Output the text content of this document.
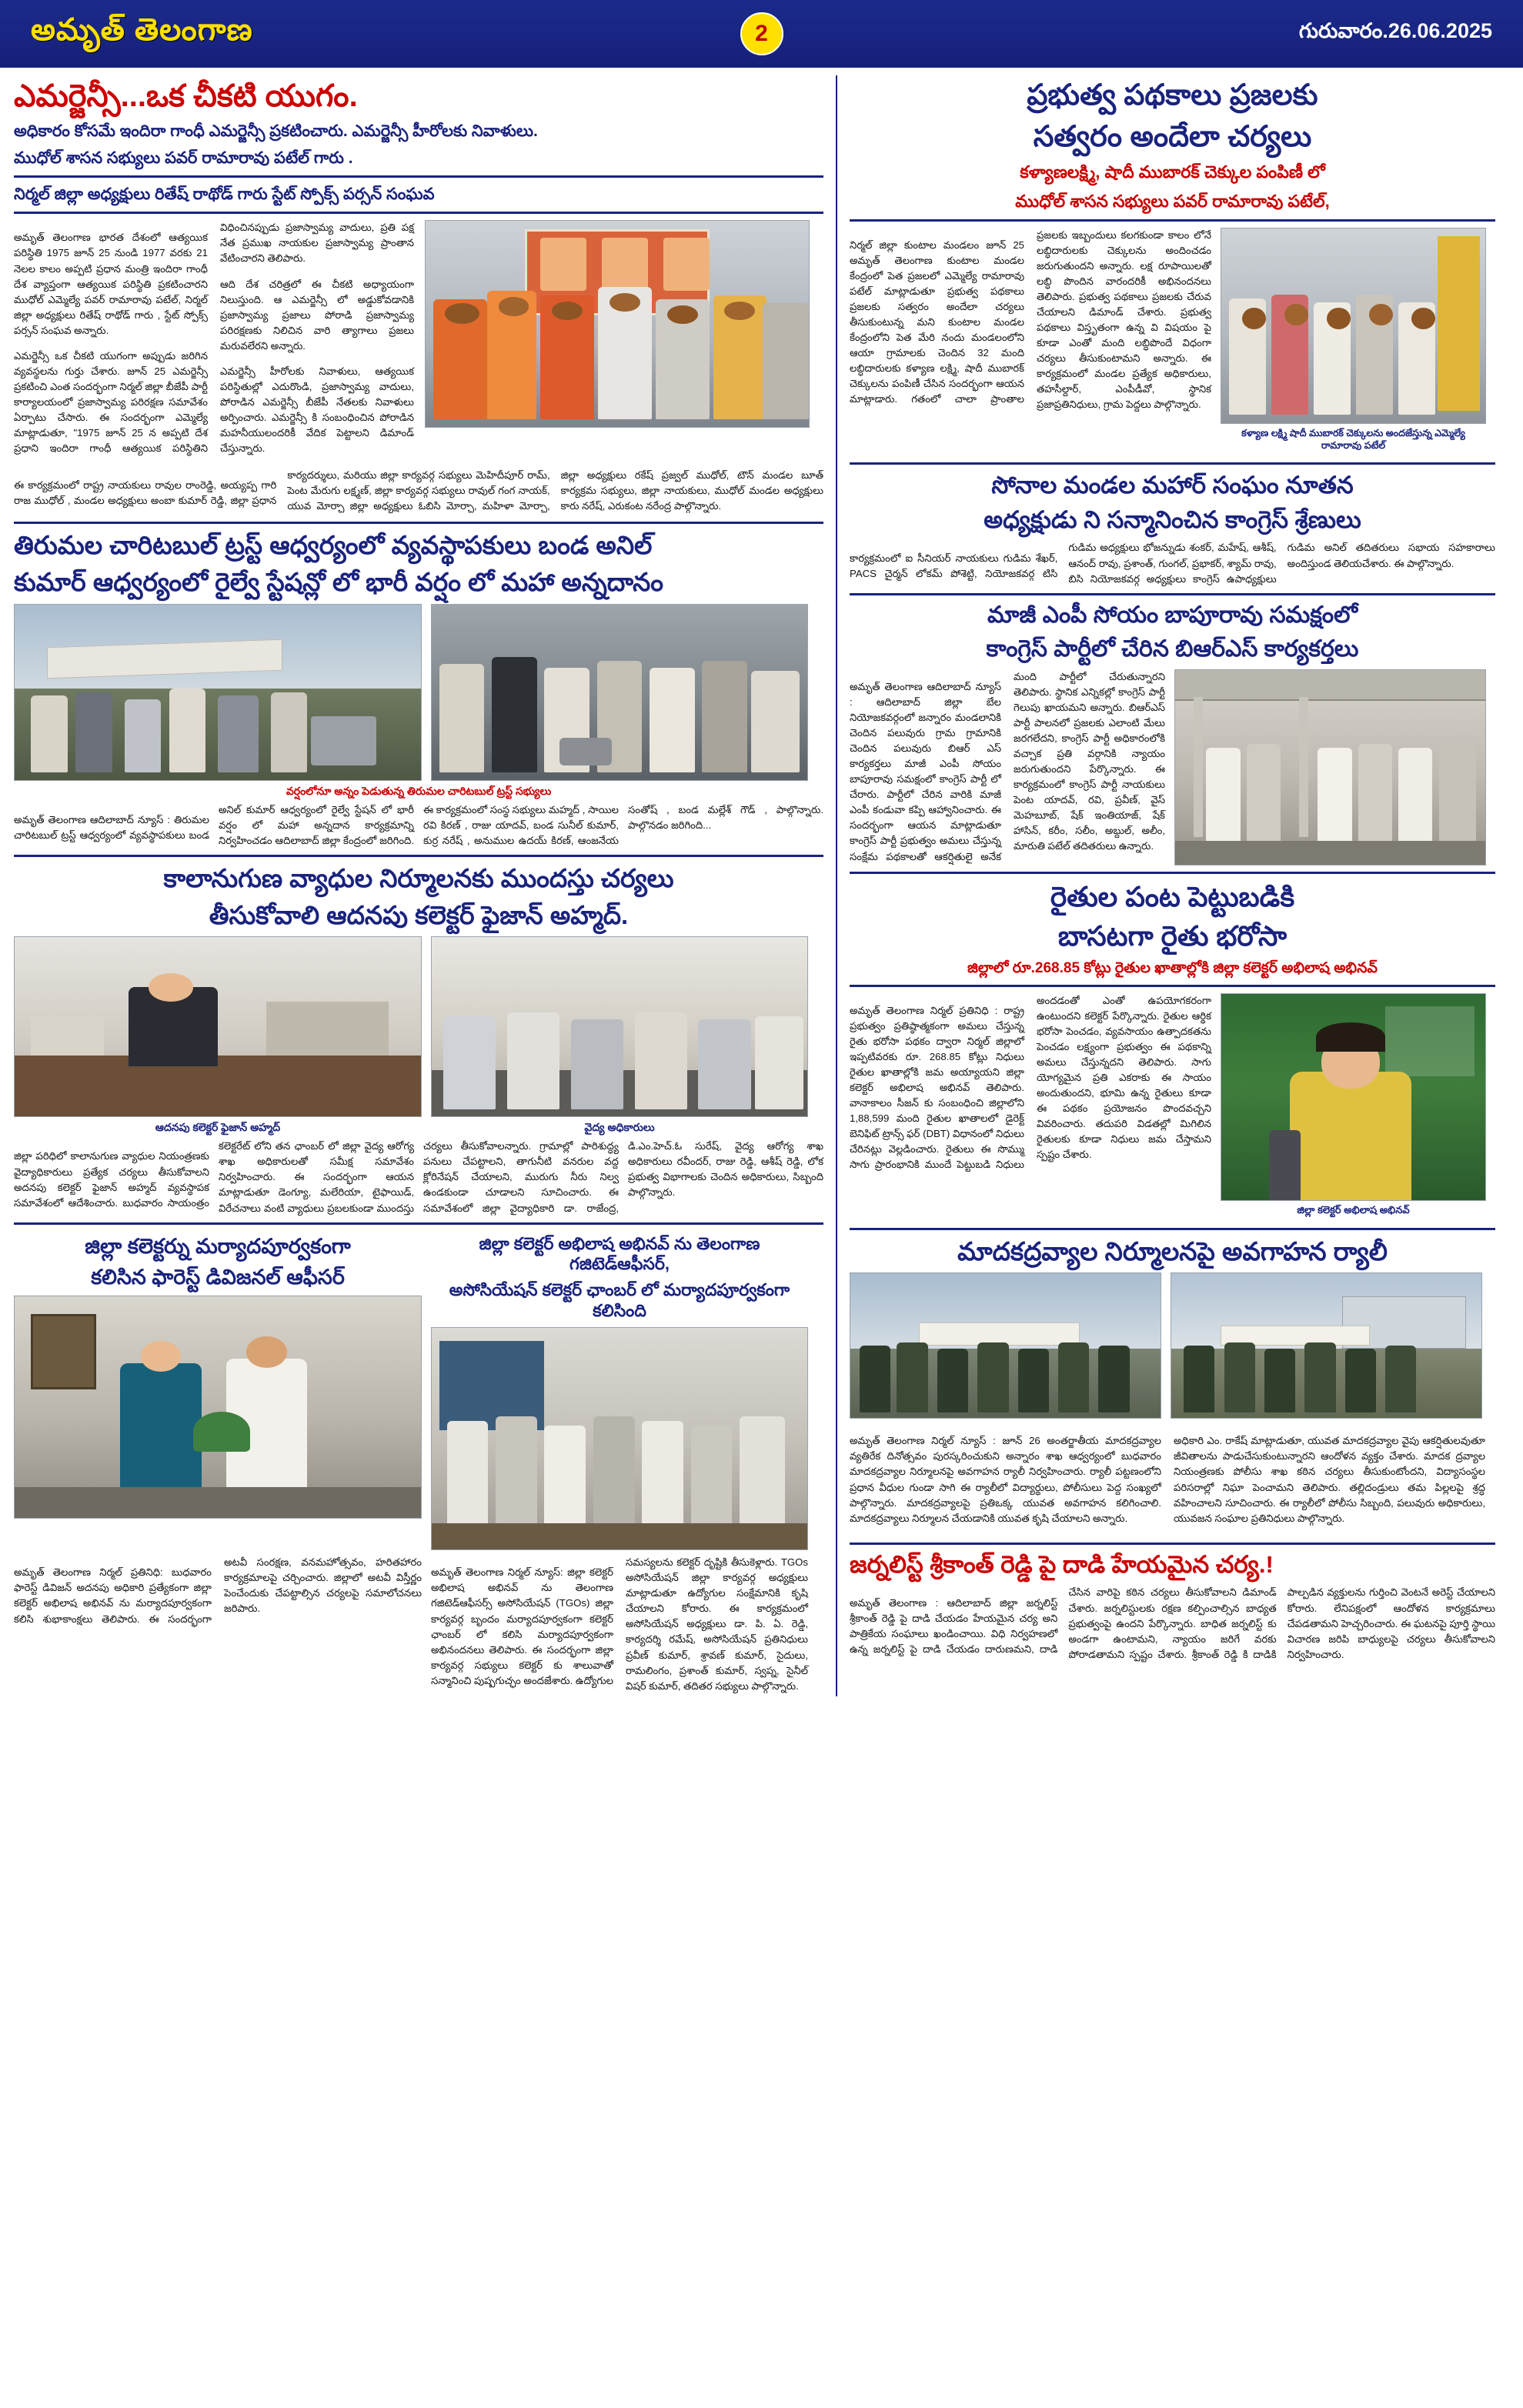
అమృత్ తెలంగాణ	2	గురువారం.26.06.2025
ఎమర్జెన్సీ...ఒక చీకటి యుగం.
అధికారం కోసమే ఇందిరా గాంధీ ఎమర్జెన్సీ ప్రకటించారు. ఎమర్జెన్సీ హీరోలకు నివాళులు.
ముధోల్ శాసన సభ్యులు పవర్ రామారావు పటేల్ గారు .
నిర్మల్ జిల్లా అధ్యక్షులు రితేష్ రాథోడ్ గారు స్టేట్ స్పోక్స్ పర్సన్ సంఘవ

అమృత్ తెలంగాణ భారత దేశంలో ఆత్యయిక పరిస్థితి 1975 జూన్ 25 నుండి 1977 వరకు 21 నెలల కాలం అప్పటి ప్రధాన మంత్రి ఇందిరా గాంధీ దేశ వ్యాప్తంగా ఆత్యయిక పరిస్థితి ప్రకటించారని ముధోల్ ఎమ్మెల్యే పవర్ రామారావు పటేల్, నిర్మల్ జిల్లా అధ్యక్షులు రితేష్ రాథోడ్ గారు , స్టేట్ స్పోక్స్ పర్సన్ సంఘవ అన్నారు.

ఎమర్జెన్సీ ఒక చీకటి యుగంగా అప్పుడు జరిగిన వ్యవస్థలను గుర్తు చేశారు. జూన్ 25 ఎమర్జెన్సీ ప్రకటించి ఎంత సందర్భంగా నిర్మల్ జిల్లా బీజేపీ పార్టీ కార్యాలయంలో ప్రజాస్వామ్య పరిరక్షణ సమావేశం ఏర్పాటు చేసారు. ఈ సందర్భంగా ఎమ్మెల్యే మాట్లాడుతూ, "1975 జూన్ 25 న అప్పటి దేశ ప్రధాని ఇందిరా గాంధీ ఆత్యయిక పరిస్థితిని విధించినప్పుడు ప్రజాస్వామ్య వాదులు, ప్రతి పక్ష నేత ప్రముఖ నాయకుల ప్రజాస్వామ్య ప్రాంతాన వేటించారని తెలిపారు.

ఆది దేశ చరిత్రలో ఈ చీకటి అధ్యాయంగా నిలుస్తుంది. ఆ ఎమర్జెన్సీ లో అడ్డుకోవడానికి ప్రజాస్వామ్య ప్రజాలు పోరాడి ప్రజాస్వామ్య పరిరక్షణకు నిలిచిన వారి త్యాగాలు ప్రజలు మరువలేరని అన్నారు.

ఎమర్జెన్సీ హీరోలకు నివాళులు, ఆత్యయిక పరిస్థితుల్లో ఎదురొండి, ప్రజాస్వామ్య వాదులు, పోరాడిన ఎమర్జెన్సీ బీజేపీ నేతలకు నివాళులు అర్పించారు. ఎమర్జెన్సీ కి సంబంధించిన పోరాడిన మహనీయులందరికీ వేదిక పెట్టాలని డిమాండ్ చేస్తున్నారు.

ఈ కార్యక్రమంలో రాష్ట్ర నాయకులు రావుల రాంరెడ్డి, అయ్యప్ప గారి రాజ ముధోల్ , మండల అధ్యక్షులు అంబా కుమార్ రెడ్డి, జిల్లా ప్రధాన కార్యదర్శులు, మరియు జిల్లా కార్యవర్గ సభ్యులు మెహిదీపూర్ రామ్, పెంట మేరుగు లక్ష్మణ్, జిల్లా కార్యవర్గ సభ్యులు రావుల్ గంగ నాయక్, యువ మోర్చా జిల్లా అధ్యక్షులు ఓబిసి మోర్చా, మహిళా మోర్చా, జిల్లా అధ్యక్షులు రకేష్ ప్రజ్వల్ ముధోల్, టౌన్ మండల బూత్ కార్యక్రమ సభ్యులు, జిల్లా నాయకులు, ముధోల్ మండల అధ్యక్షులు కారు నరేష్, ఎరుకంట నరేంద్ర పాల్గొన్నారు.

తిరుమల చారిటబుల్ ట్రస్ట్ ఆధ్వర్యంలో వ్యవస్థాపకులు బండ అనిల్
కుమార్ ఆధ్వర్యంలో రైల్వే స్టేషన్లో లో భారీ వర్షం లో మహా అన్నదానం
వర్షంలోనూ అన్నం పెడుతున్న తిరుమల చారిటబుల్ ట్రస్ట్ సభ్యులు

అమృత్ తెలంగాణ ఆదిలాబాద్ న్యూస్ : తిరుమల చారిటబుల్ ట్రస్ట్ ఆధ్వర్యంలో వ్యవస్థాపకులు బండ అనిల్ కుమార్ ఆధ్వర్యంలో రైల్వే స్టేషన్ లో భారీ వర్షం లో మహా అన్నదాన కార్యక్రమాన్ని నిర్వహించడం ఆదిలాబాద్ జిల్లా కేంద్రంలో జరిగింది. ఈ కార్యక్రమంలో సంస్థ సభ్యులు మహ్మద్ , సాయిల రవి కిరణ్ , రాజు యాదవ్, బండ సునీల్ కుమార్, కుర్ర నరేష్ , అనుముల ఉదయ్ కిరణ్, ఆంజనేయ సంతోష్ , బండ మల్లేశ్ గౌడ్ , పాల్గొన్నారు. పాల్గొనడం జరిగింది...

కాలానుగుణ వ్యాధుల నిర్మూలనకు ముందస్తు చర్యలు
తీసుకోవాలి ఆదనపు కలెక్టర్ ఫైజాన్ అహ్మద్.
ఆదనపు కలెక్టర్ ఫైజాన్ అహ్మద్	వైద్య అధికారులు

జిల్లా పరిధిలో కాలానుగుణ వ్యాధుల నియంత్రణకు వైద్యాధికారులు ప్రత్యేక చర్యలు తీసుకోవాలని అదనపు కలెక్టర్ ఫైజాన్ అహ్మద్ వ్యవస్థాపక సమావేశంలో ఆదేశించారు. బుధవారం సాయంత్రం కలెక్టరేట్ లోని తన ఛాంబర్ లో జిల్లా వైద్య ఆరోగ్య శాఖ అధికారులతో సమీక్ష సమావేశం నిర్వహించారు. ఈ సందర్భంగా ఆయన మాట్లాడుతూ డెంగ్యూ, మలేరియా, టైఫాయిడ్, విరేచనాలు వంటి వ్యాధులు ప్రబలకుండా ముందస్తు చర్యలు తీసుకోవాలన్నారు. గ్రామాల్లో పారిశుద్ధ్య పనులు చేపట్టాలని, తాగునీటి వనరుల వద్ద క్లోరినేషన్ చేయాలని, మురుగు నీరు నిల్వ ఉండకుండా చూడాలని సూచించారు. ఈ సమావేశంలో జిల్లా వైద్యాధికారి డా. రాజేంద్ర, డి.ఎం.హెచ్.ఓ సురేష్, వైద్య ఆరోగ్య శాఖ అధికారులు రవీందర్, రాజు రెడ్డి, ఆశీష్ రెడ్డి, లోక ప్రభుత్వ విభాగాలకు చెందిన అధికారులు, సిబ్బంది పాల్గొన్నారు.

జిల్లా కలెక్టర్ను మర్యాదపూర్వకంగా
కలిసిన ఫారెస్ట్ డివిజనల్ ఆఫీసర్
జిల్లా కలెక్టర్ అభిలాష అభినవ్ ను తెలంగాణ గజిటెడ్ఆఫీసర్,
అసోసియేషన్ కలెక్టర్ ఛాంబర్ లో మర్యాదపూర్వకంగా కలిసింది

అమృత్ తెలంగాణ నిర్మల్ ప్రతినిధి: బుధవారం ఫారెస్ట్ డివిజన్ అదనపు అధికారి ప్రత్యేకంగా జిల్లా కలెక్టర్ అభిలాష అభినవ్ ను మర్యాదపూర్వకంగా కలిసి శుభాకాంక్షలు తెలిపారు. ఈ సందర్భంగా అటవీ సంరక్షణ, వనమహోత్సవం, హరితహారం కార్యక్రమాలపై చర్చించారు. జిల్లాలో అటవీ విస్తీర్ణం పెంచేందుకు చేపట్టాల్సిన చర్యలపై సమాలోచనలు జరిపారు.

అమృత్ తెలంగాణ నిర్మల్ న్యూస్: జిల్లా కలెక్టర్ అభిలాష అభినవ్ ను తెలంగాణ గజిటెడ్ఆఫీసర్స్ అసోసియేషన్ (TGOs) జిల్లా కార్యవర్గ బృందం మర్యాదపూర్వకంగా కలెక్టర్ ఛాంబర్ లో కలిసి మర్యాదపూర్వకంగా అభినందనలు తెలిపారు. ఈ సందర్భంగా జిల్లా కార్యవర్గ సభ్యులు కలెక్టర్ కు శాలువాతో సన్మానించి పుష్పగుచ్ఛం అందజేశారు. ఉద్యోగుల సమస్యలను కలెక్టర్ దృష్టికి తీసుకెళ్లారు. TGOs అసోసియేషన్ జిల్లా కార్యవర్గ అధ్యక్షులు మాట్లాడుతూ ఉద్యోగుల సంక్షేమానికి కృషి చేయాలని కోరారు. ఈ కార్యక్రమంలో అసోసియేషన్ అధ్యక్షులు డా. పి. ఏ. రెడ్డి, కార్యదర్శి రమేష్, అసోసియేషన్ ప్రతినిధులు ప్రవీణ్ కుమార్, శ్రావణ్ కుమార్, సైదులు, రామలింగం, ప్రశాంత్ కుమార్, స్వప్న, సైనీల్ విషర్ కుమార్, తదితర సభ్యులు పాల్గొన్నారు.

ప్రభుత్వ పథకాలు ప్రజలకు
సత్వరం అందేలా చర్యలు
కళ్యాణలక్ష్మి, షాదీ ముబారక్ చెక్కుల పంపిణీ లో
ముధోల్ శాసన సభ్యులు పవర్ రామారావు పటేల్,

నిర్మల్ జిల్లా కుంటాల మండలం జూన్ 25 అమృత్ తెలంగాణ కుంటాల మండల కేంద్రంలో పెత ప్రజలలో ఎమ్మెల్యే రామారావు పటేల్ మాట్లాడుతూ ప్రభుత్వ పథకాలు ప్రజలకు సత్వరం అందేలా చర్యలు తీసుకుంటున్న మని కుంటాల మండల కేంద్రంలోని పెత మేరి నందు మండలంలోని ఆయా గ్రామాలకు చెందిన 32 మంది లబ్ధిదారులకు కళ్యాణ లక్ష్మి, షాదీ ముబారక్ చెక్కులను పంపిణీ చేసిన సందర్భంగా ఆయన మాట్లాడారు. గతంలో చాలా ప్రాంతాల ప్రజలకు ఇబ్బందులు కలగకుండా కాలం లోనే లబ్ధిదారులకు చెక్కులను అందించడం జరుగుతుందని అన్నారు. లక్ష రూపాయిలతో లబ్ధి పొందిన వారందరికీ అభినందనలు తెలిపారు. ప్రభుత్వ పథకాలు ప్రజలకు చేరువ చేయాలని డిమాండ్ చేశారు. ప్రభుత్వ పథకాలు విస్తృతంగా ఉన్న వి విషయం పై కూడా ఎంతో మంది లబ్ధిపొందే విధంగా చర్యలు తీసుకుంటామని అన్నారు. ఈ కార్యక్రమంలో మండల ప్రత్యేక అధికారులు, తహసీల్దార్, ఎంపీడీవో, స్థానిక ప్రజాప్రతినిధులు, గ్రామ పెద్దలు పాల్గొన్నారు.

కళ్యాణ లక్ష్మి షాదీ ముబారక్ చెక్కులను అందజేస్తున్న ఎమ్మెల్యే రామారావు పటేల్
సోనాల మండల మహార్ సంఘం నూతన
అధ్యక్షుడు ని సన్మానించిన కాంగ్రెస్ శ్రేణులు

కార్యక్రమంలో ఐ సీనియర్ నాయకులు గుడిమ శేఖర్, PACS చైర్మన్ లోకమ్ పోశెట్టి, నియోజకవర్గ టిసి గుడిమ అధ్యక్షులు భోజన్నుడు శంకర్, మహేష్, ఆశీష్, ఆనంద్ రావు, ప్రశాంత్, గుంగల్, ప్రభాకర్, శ్యామ్ రావు, బిసి నియోజకవర్గ అధ్యక్షులు కాంగ్రెస్ ఉపాధ్యక్షులు గుడిమ అనిల్ తదితరులు సభాయ సహకారాలు అందిస్తుండ తెలియచేశారు. ఈ పాల్గొన్నారు.

మాజీ ఎంపీ సోయం బాపూరావు సమక్షంలో
కాంగ్రెస్ పార్టీలో చేరిన బిఆర్ఎస్ కార్యకర్తలు

అమృత్ తెలంగాణ ఆదిలాబాద్ న్యూస్ : ఆదిలాబాద్ జిల్లా బేల నియోజకవర్గంలో జన్నారం మండలానికి చెందిన పలువురు గ్రామ గ్రామానికి చెందిన పలువురు బిఆర్ ఎస్ కార్యకర్తలు మాజీ ఎంపీ సోయం బాపూరావు సమక్షంలో కాంగ్రెస్ పార్టీ లో చేరారు. పార్టీలో చేరిన వారికి మాజీ ఎంపీ కండువా కప్పి ఆహ్వానించారు. ఈ సందర్భంగా ఆయన మాట్లాడుతూ కాంగ్రెస్ పార్టీ ప్రభుత్వం అమలు చేస్తున్న సంక్షేమ పథకాలతో ఆకర్షితులై అనేక మంది పార్టీలో చేరుతున్నారని తెలిపారు. స్థానిక ఎన్నికల్లో కాంగ్రెస్ పార్టీ గెలుపు ఖాయమని అన్నారు. బిఆర్ఎస్ పార్టీ పాలనలో ప్రజలకు ఎలాంటి మేలు జరగలేదని, కాంగ్రెస్ పార్టీ అధికారంలోకి వచ్చాక ప్రతి వర్గానికి న్యాయం జరుగుతుందని పేర్కొన్నారు. ఈ కార్యక్రమంలో కాంగ్రెస్ పార్టీ నాయకులు పెంట యాదవ్, రవి, ప్రవీణ్, వైస్ మెహబూబ్, షేక్ ఇంతియాజ్, షేక్ హాసిన్, కరీం, సలీం, అబ్దుల్, అలీం, మారుతి పటేల్ తదితరులు ఉన్నారు.

రైతుల పంట పెట్టుబడికి
బాసటగా రైతు భరోసా
జిల్లాలో రూ.268.85 కోట్లు రైతుల ఖాతాల్లోకి జిల్లా కలెక్టర్ అభిలాష అభినవ్

అమృత్ తెలంగాణ నిర్మల్ ప్రతినిధి : రాష్ట్ర ప్రభుత్వం ప్రతిష్ఠాత్మకంగా అమలు చేస్తున్న రైతు భరోసా పథకం ద్వారా నిర్మల్ జిల్లాలో ఇప్పటివరకు రూ. 268.85 కోట్లు నిధులు రైతుల ఖాతాల్లోకి జమ అయ్యాయని జిల్లా కలెక్టర్ అభిలాష అభినవ్ తెలిపారు. వానాకాలం సీజన్ కు సంబంధించి జిల్లాలోని 1,88,599 మంది రైతుల ఖాతాలలో డైరెక్ట్ బెనిఫిట్ ట్రాన్స్ ఫర్ (DBT) విధానంలో నిధులు చేరినట్లు వెల్లడించారు. రైతులు ఈ సొమ్ము సాగు ప్రారంభానికి ముందే పెట్టుబడి నిధులు అందడంతో ఎంతో ఉపయోగకరంగా ఉంటుందని కలెక్టర్ పేర్కొన్నారు. రైతుల ఆర్థిక భరోసా పెంచడం, వ్యవసాయం ఉత్పాదకతను పెంచడం లక్ష్యంగా ప్రభుత్వం ఈ పథకాన్ని అమలు చేస్తున్నదని తెలిపారు. సాగు యోగ్యమైన ప్రతి ఎకరాకు ఈ సాయం అందుతుందని, భూమి ఉన్న రైతులు కూడా ఈ పథకం ప్రయోజనం పొందవచ్చని వివరించారు. తదుపరి విడతల్లో మిగిలిన రైతులకు కూడా నిధులు జమ చేస్తామని స్పష్టం చేశారు.

జిల్లా కలెక్టర్ అభిలాష అభినవ్
మాదకద్రవ్యాల నిర్మూలనపై అవగాహన ర్యాలీ

అమృత్ తెలంగాణ నిర్మల్ న్యూస్ : జూన్ 26 అంతర్జాతీయ మాదకద్రవ్యాల వ్యతిరేక దినోత్సవం పురస్కరించుకుని అన్నారం శాఖ ఆధ్వర్యంలో బుధవారం మాదకద్రవ్యాల నిర్మూలనపై అవగాహన ర్యాలీ నిర్వహించారు. ర్యాలీ పట్టణంలోని ప్రధాన వీధుల గుండా సాగి ఈ ర్యాలీలో విద్యార్థులు, పోలీసులు పెద్ద సంఖ్యలో పాల్గొన్నారు. మాదకద్రవ్యాలపై ప్రతిఒక్క యువత అవగాహన కలిగించాలి. మాదకద్రవ్యాలు నిర్మూలన చేయడానికి యువత కృషి చేయాలని అన్నారు.

అధికారి ఎం. రాకేష్ మాట్లాడుతూ, యువత మాదకద్రవ్యాల వైపు ఆకర్షితులవుతూ జీవితాలను పాడుచేసుకుంటున్నారని ఆందోళన వ్యక్తం చేశారు. మాదక ద్రవ్యాల నియంత్రణకు పోలీసు శాఖ కఠిన చర్యలు తీసుకుంటోందని, విద్యాసంస్థల పరిసరాల్లో నిఘా పెంచామని తెలిపారు. తల్లిదండ్రులు తమ పిల్లలపై శ్రద్ధ వహించాలని సూచించారు. ఈ ర్యాలీలో పోలీసు సిబ్బంది, పలువురు అధికారులు, యువజన సంఘాల ప్రతినిధులు పాల్గొన్నారు.

జర్నలిస్ట్ శ్రీకాంత్ రెడ్డి పై దాడి హేయమైన చర్య.!

అమృత్ తెలంగాణ : ఆదిలాబాద్ జిల్లా జర్నలిస్ట్ శ్రీకాంత్ రెడ్డి పై దాడి చేయడం హేయమైన చర్య అని పాత్రికేయ సంఘాలు ఖండించాయి. విధి నిర్వహణలో ఉన్న జర్నలిస్ట్ పై దాడి చేయడం దారుణమని, దాడి చేసిన వారిపై కఠిన చర్యలు తీసుకోవాలని డిమాండ్ చేశారు. జర్నలిస్టులకు రక్షణ కల్పించాల్సిన బాధ్యత ప్రభుత్వంపై ఉందని పేర్కొన్నారు. బాధిత జర్నలిస్ట్ కు అండగా ఉంటామని, న్యాయం జరిగే వరకు పోరాడతామని స్పష్టం చేశారు. శ్రీకాంత్ రెడ్డి కి దాడికి పాల్పడిన వ్యక్తులను గుర్తించి వెంటనే అరెస్ట్ చేయాలని కోరారు. లేనిపక్షంలో ఆందోళన కార్యక్రమాలు చేపడతామని హెచ్చరించారు. ఈ ఘటనపై పూర్తి స్థాయి విచారణ జరిపి బాధ్యులపై చర్యలు తీసుకోవాలని నిర్వహించారు.
